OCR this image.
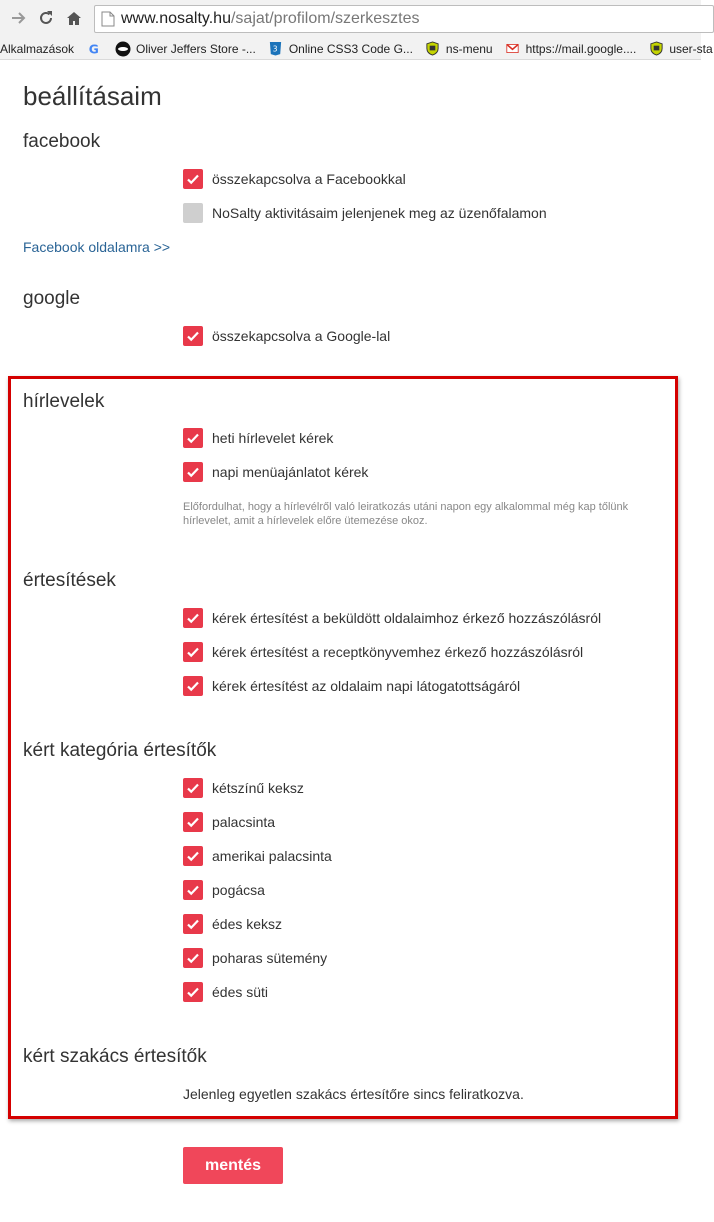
www.nosalty.hu /sajat/profilom/szerkesztes
Alkalmazások G	Oliver Jeffers Store -... 3 Online CSS3 Code G...	ns-menu	https://mail.google....	user-sta
beállításaim
facebook
összekapcsolva a Facebookkal
NoSalty aktivitásaim jelenjenek meg az üzenőfalamon
Facebook oldalamra >>
google
összekapcsolva a Google-lal
hírlevelek
heti hírlevelet kérek
napi menüajánlatot kérek
Előfordulhat, hogy a hírlevélről való leiratkozás utáni napon egy alkalommal még kap tőlünk hírlevelet, amit a hírlevelek előre ütemezése okoz.
értesítések
kérek értesítést a beküldött oldalaimhoz érkező hozzászólásról
kérek értesítést a receptkönyvemhez érkező hozzászólásról
kérek értesítést az oldalaim napi látogatottságáról
kért kategória értesítők
kétszínű keksz
palacsinta
amerikai palacsinta
pogácsa
édes keksz
poharas sütemény
édes süti
kért szakács értesítők
Jelenleg egyetlen szakács értesítőre sincs feliratkozva.
mentés
